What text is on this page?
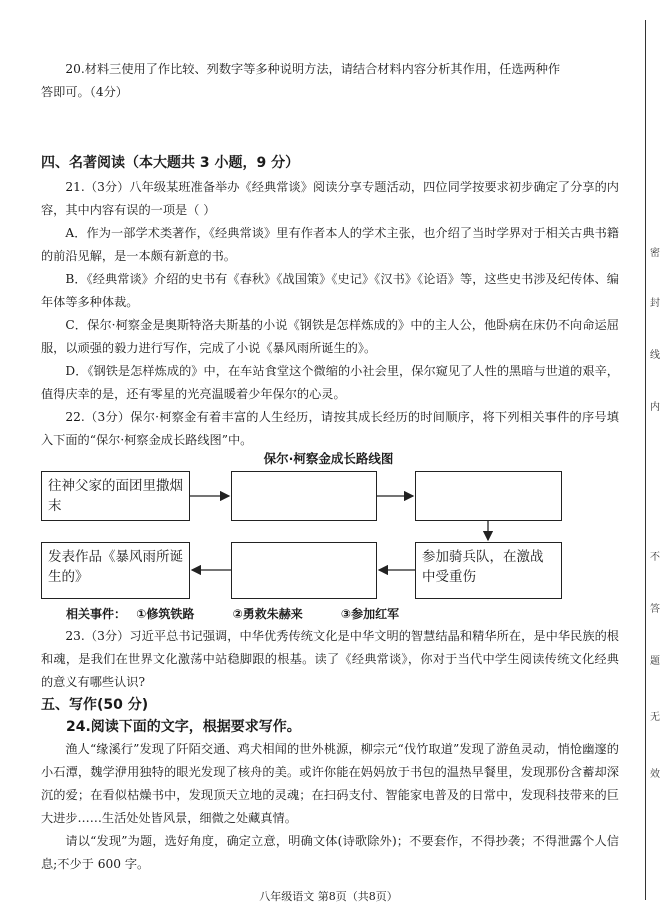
20.材料三使用了作比较、列数字等多种说明方法，请结合材料内容分析其作用，任选两种作
答即可。（4分）
四、名著阅读（本大题共 3 小题，9 分）
21.（3分）八年级某班准备举办《经典常谈》阅读分享专题活动，四位同学按要求初步确定了分享的内容，其中内容有误的一项是（ ）
A．作为一部学术类著作，《经典常谈》里有作者本人的学术主张，也介绍了当时学界对于相关古典书籍的前沿见解，是一本颇有新意的书。
B．《经典常谈》介绍的史书有《春秋》《战国策》《史记》《汉书》《论语》等，这些史书涉及纪传体、编年体等多种体裁。
C．保尔·柯察金是奥斯特洛夫斯基的小说《钢铁是怎样炼成的》中的主人公，他卧病在床仍不向命运屈服，以顽强的毅力进行写作，完成了小说《暴风雨所诞生的》。
D．《钢铁是怎样炼成的》中，在车站食堂这个微缩的小社会里，保尔窥见了人性的黑暗与世道的艰辛，值得庆幸的是，还有零星的光亮温暖着少年保尔的心灵。
22.（3分）保尔·柯察金有着丰富的人生经历，请按其成长经历的时间顺序，将下列相关事件的序号填入下面的“保尔·柯察金成长路线图”中。
保尔·柯察金成长路线图
往神父家的面团里撒烟末
参加骑兵队，在激战中受重伤
发表作品《暴风雨所诞生的》
相关事件： ①修筑铁路	②勇救朱赫来	③参加红军
23.（3分）习近平总书记强调，中华优秀传统文化是中华文明的智慧结晶和精华所在，是中华民族的根和魂，是我们在世界文化激荡中站稳脚跟的根基。读了《经典常谈》，你对于当代中学生阅读传统文化经典的意义有哪些认识?
五、写作(50 分)
24.阅读下面的文字，根据要求写作。
渔人“缘溪行”发现了阡陌交通、鸡犬相闻的世外桃源，柳宗元“伐竹取道”发现了游鱼灵动，悄怆幽邃的小石潭，魏学洢用独特的眼光发现了核舟的美。或许你能在妈妈放于书包的温热早餐里，发现那份含蓄却深沉的爱；在看似枯燥书中，发现顶天立地的灵魂；在扫码支付、智能家电普及的日常中，发现科技带来的巨大进步……生活处处皆风景，细微之处藏真情。
请以“发现”为题，选好角度，确定立意，明确文体(诗歌除外)；不要套作，不得抄袭；不得泄露个人信息;不少于 600 字。
八年级语文 第8页（共8页）
密
封
线
内
不
答
题
无
效
